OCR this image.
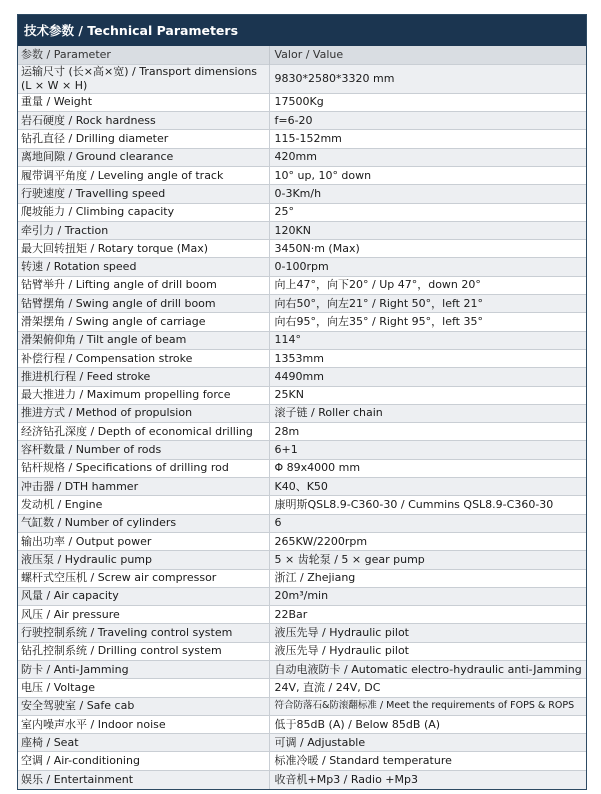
技术参数 / Technical Parameters
参数 / Parameter	Valor / Value
运输尺寸 (长×高×宽) / Transport dimensions (L × W × H)	9830*2580*3320 mm
重量 / Weight	17500Kg
岩石硬度 / Rock hardness	f=6-20
钻孔直径 / Drilling diameter	115-152mm
离地间隙 / Ground clearance	420mm
履带调平角度 / Leveling angle of track	10° up, 10° down
行驶速度 / Travelling speed	0-3Km/h
爬坡能力 / Climbing capacity	25°
牵引力 / Traction	120KN
最大回转扭矩 / Rotary torque (Max)	3450N·m (Max)
转速 / Rotation speed	0-100rpm
钻臂举升 / Lifting angle of drill boom	向上47°，向下20° / Up 47°，down 20°
钻臂摆角 / Swing angle of drill boom	向右50°，向左21° / Right 50°，left 21°
滑架摆角 / Swing angle of carriage	向右95°，向左35° / Right 95°，left 35°
滑架俯仰角 / Tilt angle of beam	114°
补偿行程 / Compensation stroke	1353mm
推进机行程 / Feed stroke	4490mm
最大推进力 / Maximum propelling force	25KN
推进方式 / Method of propulsion	滚子链 / Roller chain
经济钻孔深度 / Depth of economical drilling	28m
容杆数量 / Number of rods	6+1
钻杆规格 / Specifications of drilling rod	Φ 89x4000 mm
冲击器 / DTH hammer	K40、K50
发动机 / Engine	康明斯QSL8.9-C360-30 / Cummins QSL8.9-C360-30
气缸数 / Number of cylinders	6
输出功率 / Output power	265KW/2200rpm
液压泵 / Hydraulic pump	5 × 齿轮泵 / 5 × gear pump
螺杆式空压机 / Screw air compressor	浙江 / Zhejiang
风量 / Air capacity	20m³/min
风压 / Air pressure	22Bar
行驶控制系统 / Traveling control system	液压先导 / Hydraulic pilot
钻孔控制系统 / Drilling control system	液压先导 / Hydraulic pilot
防卡 / Anti-Jamming	自动电液防卡 / Automatic electro-hydraulic anti-Jamming
电压 / Voltage	24V, 直流 / 24V, DC
安全驾驶室 / Safe cab	符合防落石&防滚翻标准 / Meet the requirements of FOPS & ROPS
室内噪声水平 / Indoor noise	低于85dB (A) / Below 85dB (A)
座椅 / Seat	可调 / Adjustable
空调 / Air-conditioning	标准冷暖 / Standard temperature
娱乐 / Entertainment	收音机+Mp3 / Radio +Mp3
